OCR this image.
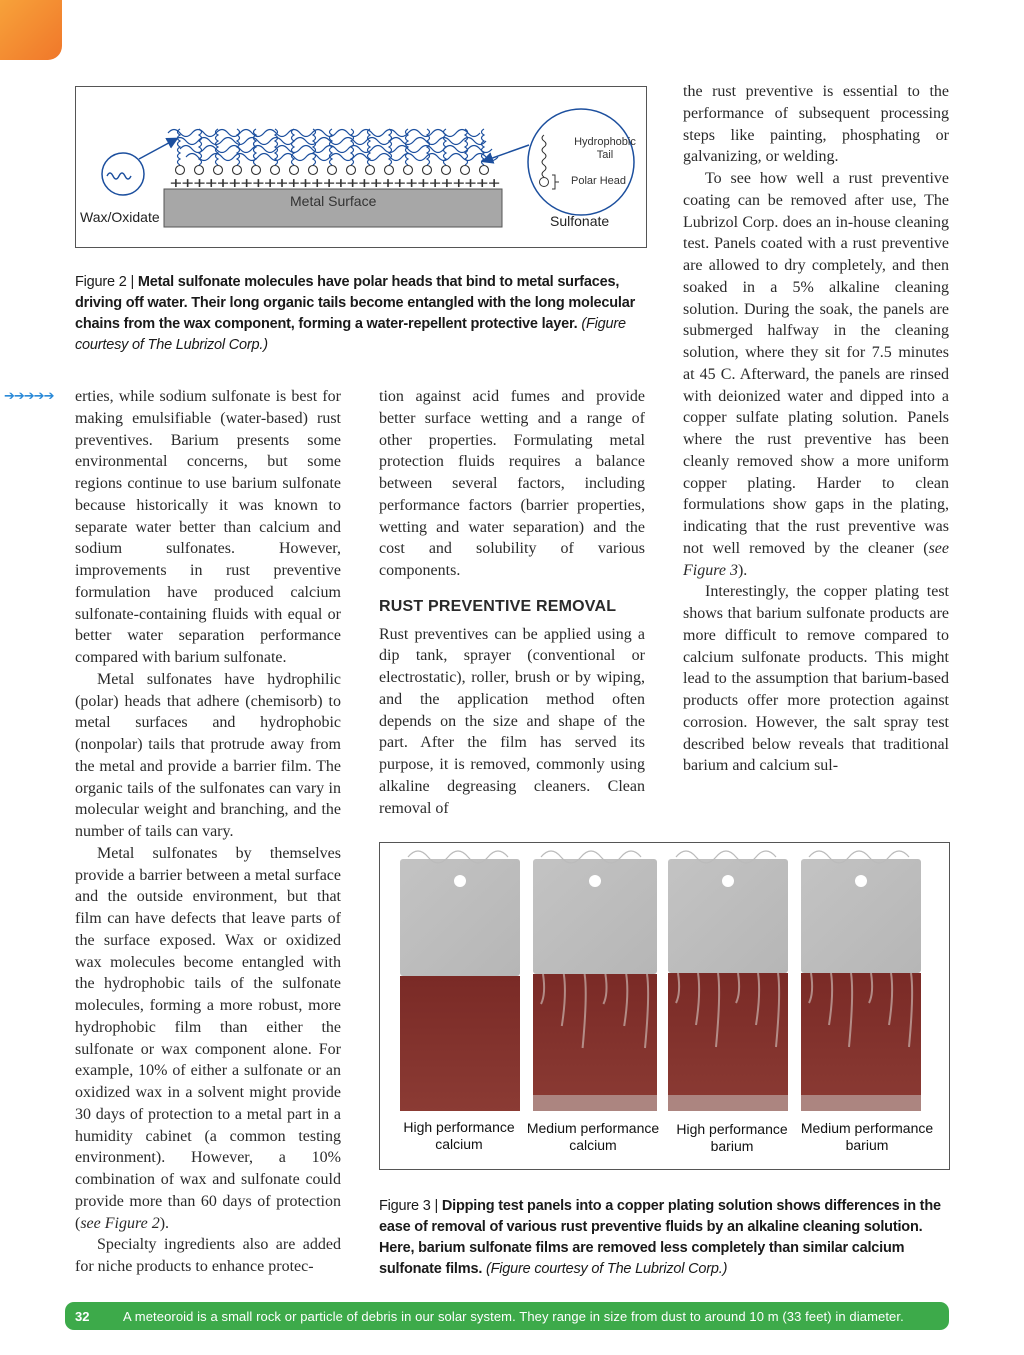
++++++++++++++++++++++++++++
Wax/Oxidate
Metal Surface
Hydrophobic Tail
Polar Head
Sulfonate
Figure 2 | Metal sulfonate molecules have polar heads that bind to metal surfaces, driving off water. Their long organic tails become entangled with the long molecular chains from the wax component, forming a water-repellent protective layer. (Figure courtesy of The Lubrizol Corp.)
➔➔➔➔➔ erties, while sodium sulfonate is best for making emulsifiable (water-based) rust preventives. Barium presents some environmental concerns, but some regions continue to use barium sulfonate because historically it was known to separate water better than calcium and sodium sulfonates. However, improvements in rust preventive formulation have produced calcium sulfonate-containing fluids with equal or better water separation performance compared with barium sulfonate.

Metal sulfonates have hydrophilic (polar) heads that adhere (chemisorb) to metal surfaces and hydrophobic (nonpolar) tails that protrude away from the metal and provide a barrier film. The organic tails of the sulfonates can vary in molecular weight and branching, and the number of tails can vary.

Metal sulfonates by themselves provide a barrier between a metal surface and the outside environment, but that film can have defects that leave parts of the surface exposed. Wax or oxidized wax molecules become entangled with the hydrophobic tails of the sulfonate molecules, forming a more robust, more hydrophobic film than either the sulfonate or wax component alone. For example, 10% of either a sulfonate or an oxidized wax in a solvent might provide 30 days of protection to a metal part in a humidity cabinet (a common testing environment). However, a 10% combination of wax and sulfonate could provide more than 60 days of protection (see Figure 2).

Specialty ingredients also are added for niche products to enhance protec-

tion against acid fumes and provide better surface wetting and a range of other properties. Formulating metal protection fluids requires a balance between several factors, including performance factors (barrier properties, wetting and water separation) and the cost and solubility of various components.

RUST PREVENTIVE REMOVAL

Rust preventives can be applied using a dip tank, sprayer (conventional or electrostatic), roller, brush or by wiping, and the application method often depends on the size and shape of the part. After the film has served its purpose, it is removed, commonly using alkaline degreasing cleaners. Clean removal of

the rust preventive is essential to the performance of subsequent processing steps like painting, phosphating or galvanizing, or welding.

To see how well a rust preventive coating can be removed after use, The Lubrizol Corp. does an in-house cleaning test. Panels coated with a rust preventive are allowed to dry completely, and then soaked in a 5% alkaline cleaning solution. During the soak, the panels are submerged halfway in the cleaning solution, where they sit for 7.5 minutes at 45 C. Afterward, the panels are rinsed with deionized water and dipped into a copper sulfate plating solution. Panels where the rust preventive has been cleanly removed show a more uniform copper plating. Harder to clean formulations show gaps in the plating, indicating that the rust preventive was not well removed by the cleaner (see Figure 3).

Interestingly, the copper plating test shows that barium sulfonate products are more difficult to remove compared to calcium sulfonate products. This might lead to the assumption that barium-based products offer more protection against corrosion. However, the salt spray test described below reveals that traditional barium and calcium sul-

High performance calcium
Medium performance calcium
High performance barium
Medium performance barium
Figure 3 | Dipping test panels into a copper plating solution shows differences in the ease of removal of various rust preventive fluids by an alkaline cleaning solution. Here, barium sulfonate films are removed less completely than similar calcium sulfonate films. (Figure courtesy of The Lubrizol Corp.)
32	A meteoroid is a small rock or particle of debris in our solar system. They range in size from dust to around 10 m (33 feet) in diameter.
